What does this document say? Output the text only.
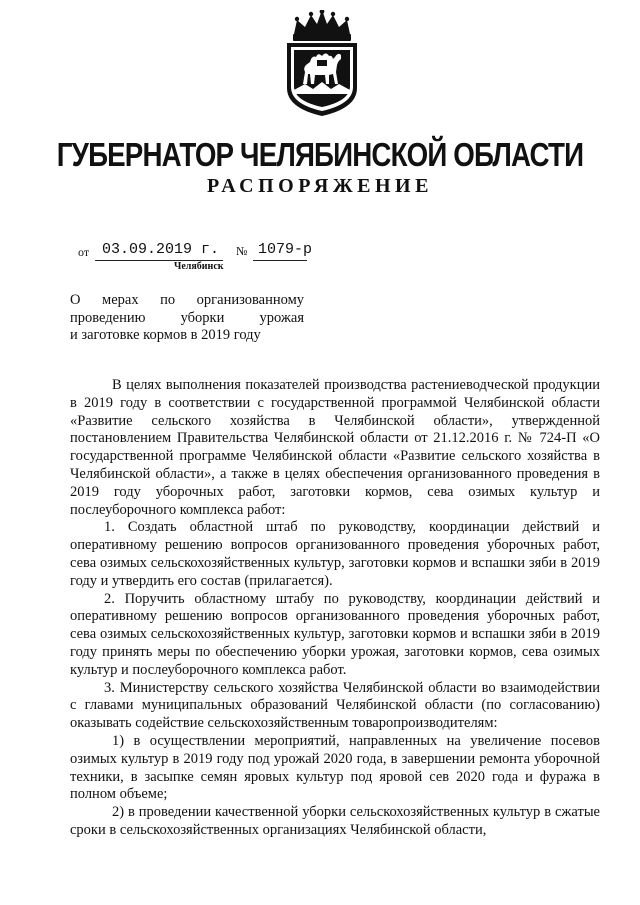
ГУБЕРНАТОР ЧЕЛЯБИНСКОЙ ОБЛАСТИ
РАСПОРЯЖЕНИЕ
от 03.09.2019 г. № 1079-р
Челябинск
О мерах по организованному
проведению уборки урожая
и заготовке кормов в 2019 году

В целях выполнения показателей производства растениеводческой продукции в 2019 году в соответствии с государственной программой Челябинской области «Развитие сельского хозяйства в Челябинской области», утвержденной постановлением Правительства Челябинской области от 21.12.2016 г. № 724-П «О государственной программе Челябинской области «Развитие сельского хозяйства в Челябинской области», а также в целях обеспечения организованного проведения в 2019 году уборочных работ, заготовки кормов, сева озимых культур и послеуборочного комплекса работ:

1. Создать областной штаб по руководству, координации действий и оперативному решению вопросов организованного проведения уборочных работ, сева озимых сельскохозяйственных культур, заготовки кормов и вспашки зяби в 2019 году и утвердить его состав (прилагается).

2. Поручить областному штабу по руководству, координации действий и оперативному решению вопросов организованного проведения уборочных работ, сева озимых сельскохозяйственных культур, заготовки кормов и вспашки зяби в 2019 году принять меры по обеспечению уборки урожая, заготовки кормов, сева озимых культур и послеуборочного комплекса работ.

3. Министерству сельского хозяйства Челябинской области во взаимодействии с главами муниципальных образований Челябинской области (по согласованию) оказывать содействие сельскохозяйственным товаропроизводителям:

1) в осуществлении мероприятий, направленных на увеличение посевов озимых культур в 2019 году под урожай 2020 года, в завершении ремонта уборочной техники, в засыпке семян яровых культур под яровой сев 2020 года и фуража в полном объеме;

2) в проведении качественной уборки сельскохозяйственных культур в сжатые сроки в сельскохозяйственных организациях Челябинской области,
